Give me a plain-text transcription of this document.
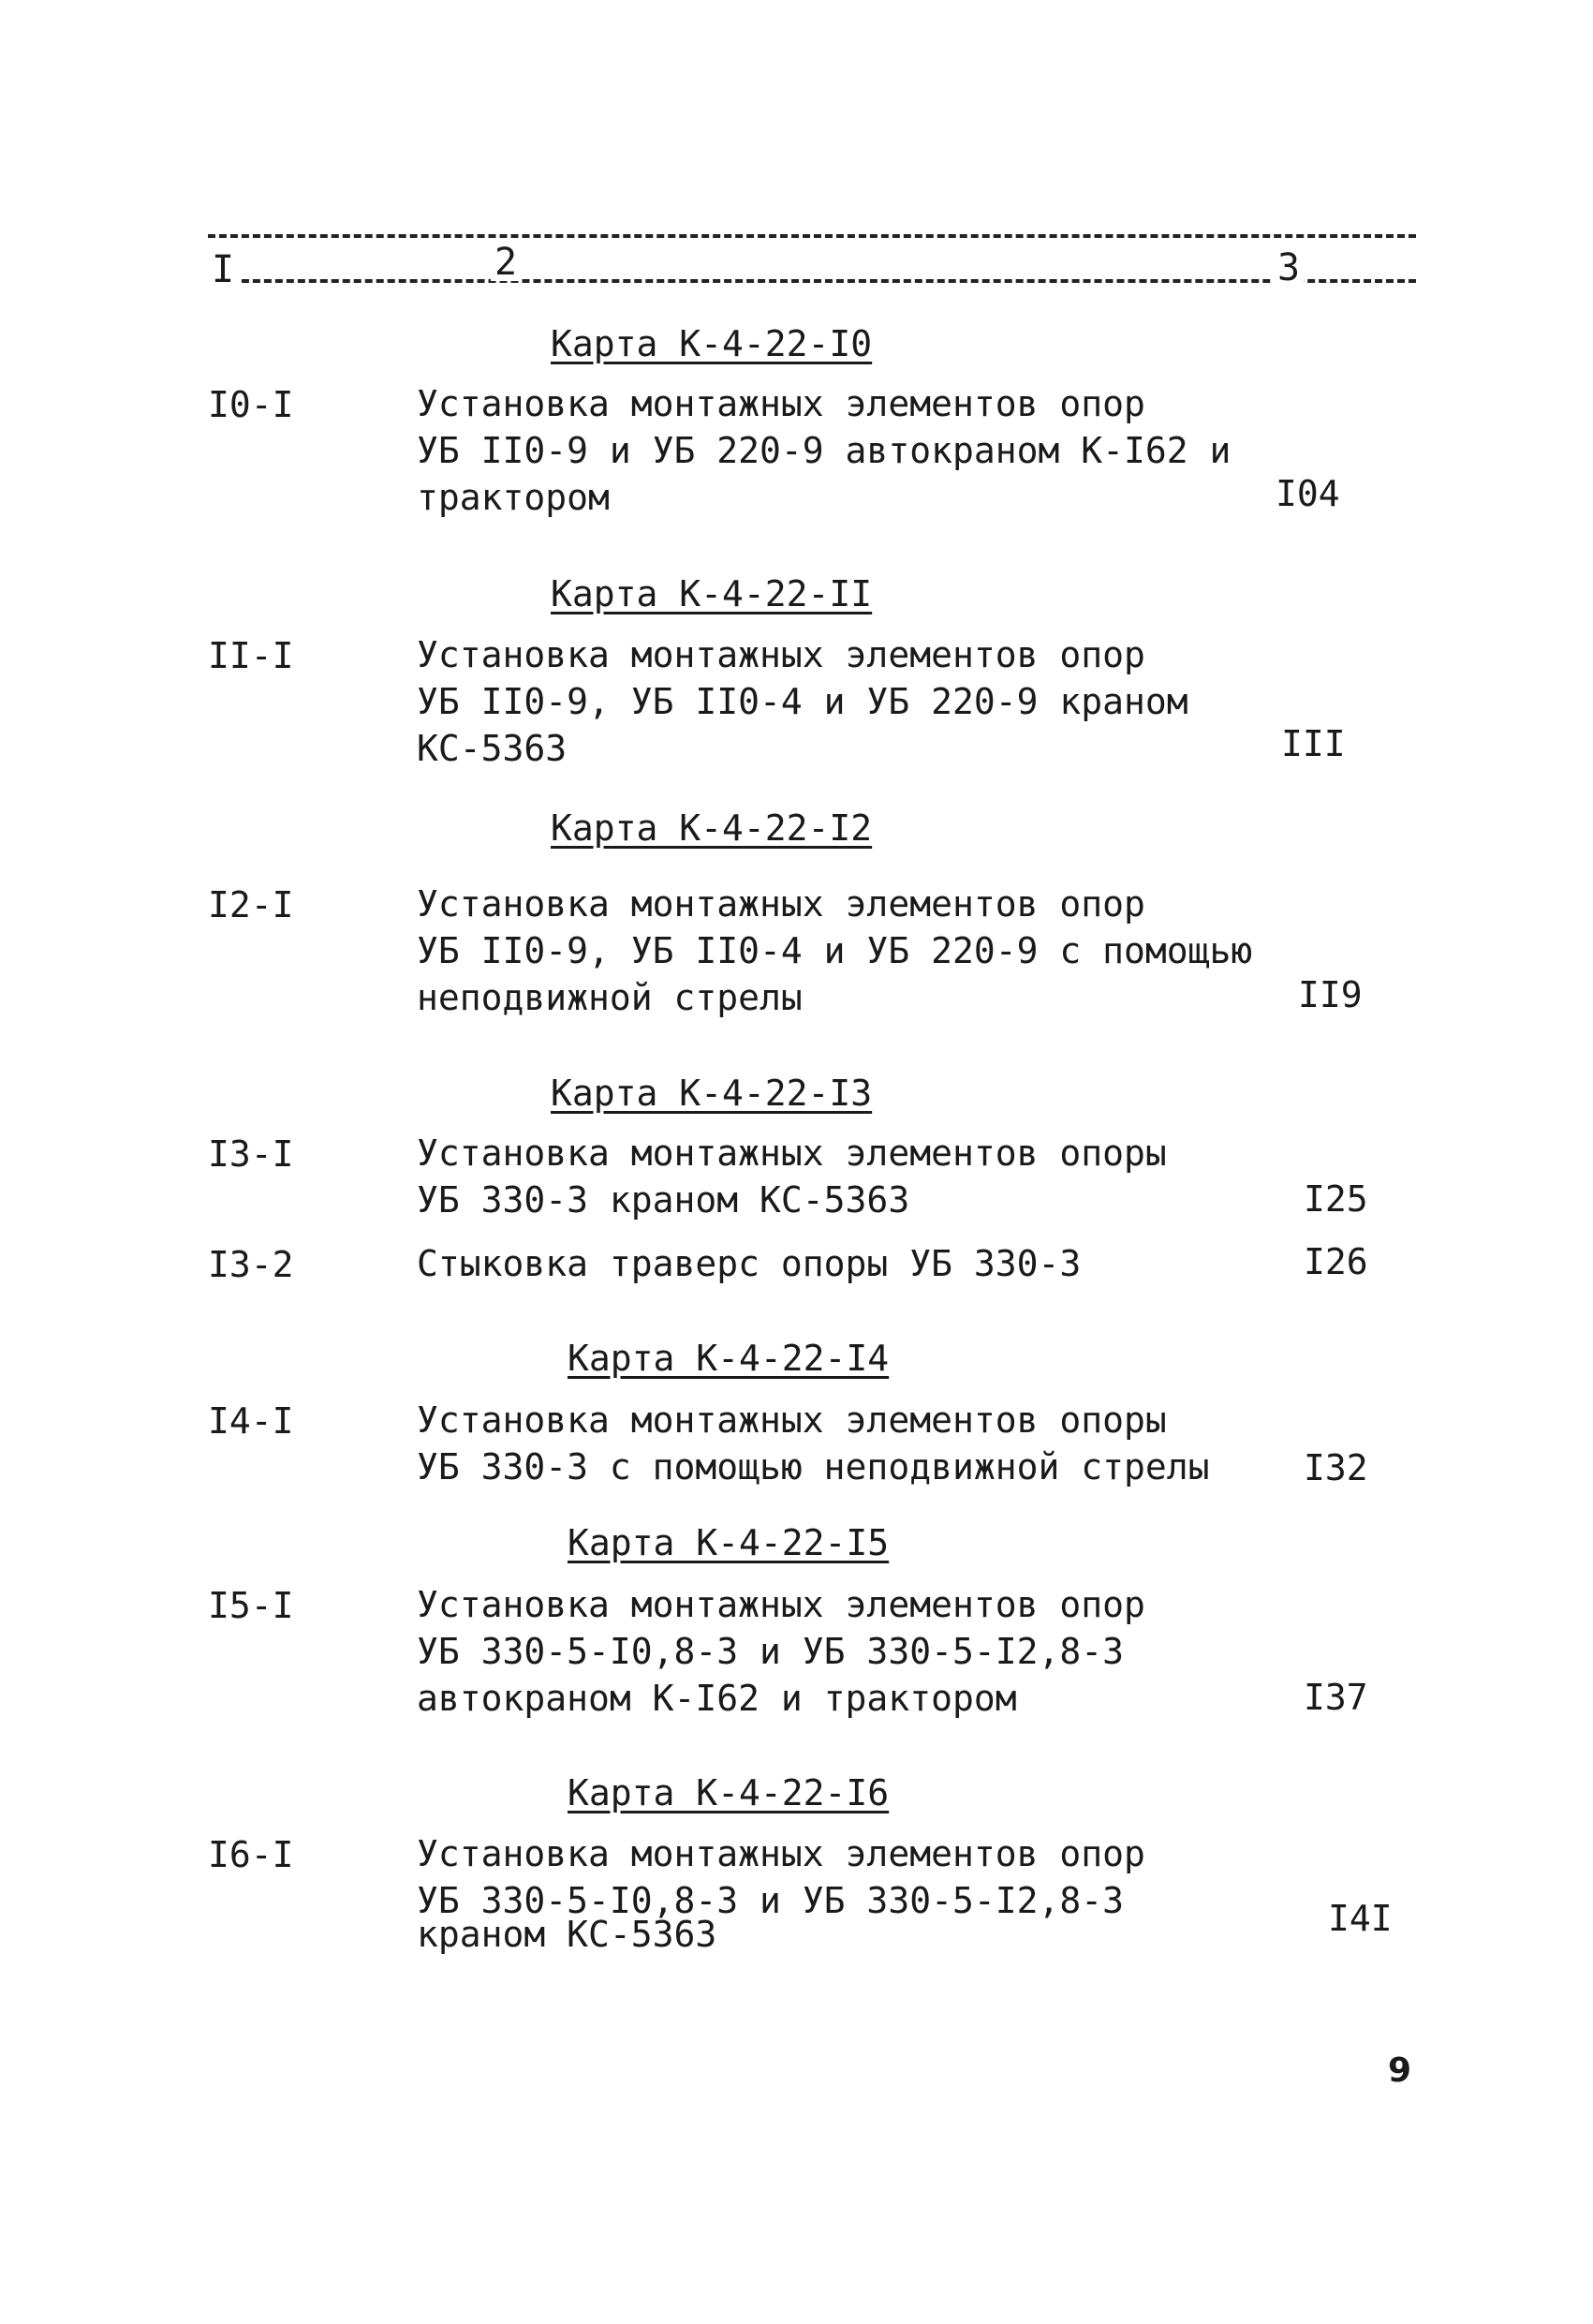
I	2	3
Карта К-4-22-I0
I0-I	Установка монтажных элементов опор
УБ II0-9 и УБ 220-9 автокраном К-I62 и
трактором	I04
Карта К-4-22-II
II-I	Установка монтажных элементов опор
УБ II0-9, УБ II0-4 и УБ 220-9 краном
КС-5363	III
Карта К-4-22-I2
I2-I	Установка монтажных элементов опор
УБ II0-9, УБ II0-4 и УБ 220-9 с помощью
неподвижной стрелы	II9
Карта К-4-22-I3
I3-I	Установка монтажных элементов опоры
УБ 330-3 краном КС-5363	I25
I3-2	Стыковка траверс опоры УБ 330-3	I26
Карта К-4-22-I4
I4-I	Установка монтажных элементов опоры
УБ 330-3 с помощью неподвижной стрелы	I32
Карта К-4-22-I5
I5-I	Установка монтажных элементов опор
УБ 330-5-I0,8-3 и УБ 330-5-I2,8-3
автокраном К-I62 и трактором	I37
Карта К-4-22-I6
I6-I	Установка монтажных элементов опор
УБ 330-5-I0,8-3 и УБ 330-5-I2,8-3
краном КС-5363	I4I
9
